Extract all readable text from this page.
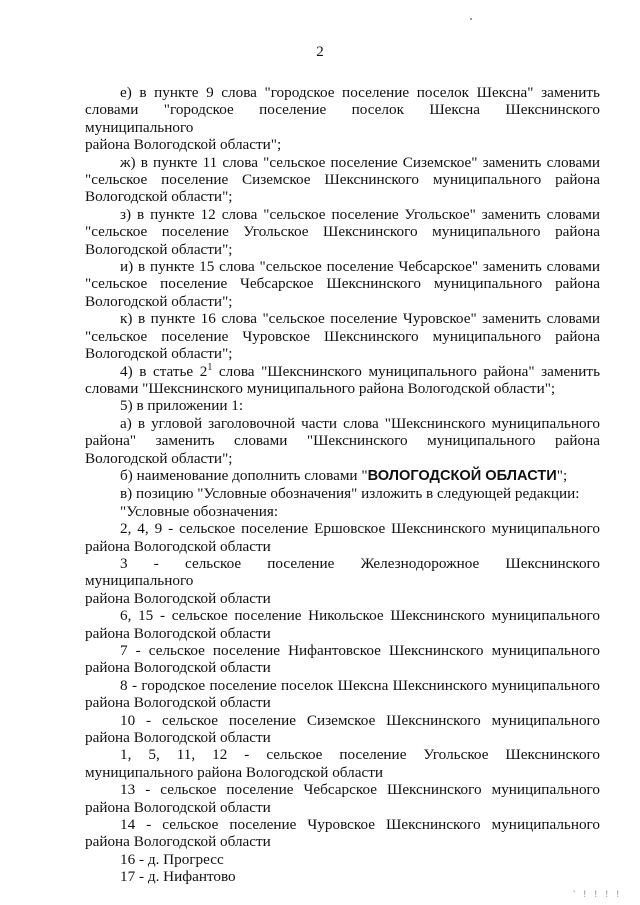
2

е) в пункте 9 слова "городское поселение поселок Шексна" заменить

словами "городское поселение поселок Шексна Шекснинского муниципального

района Вологодской области";

ж) в пункте 11 слова "сельское поселение Сиземское" заменить словами

"сельское поселение Сиземское Шекснинского муниципального района

Вологодской области";

з) в пункте 12 слова "сельское поселение Угольское" заменить словами

"сельское поселение Угольское Шекснинского муниципального района

Вологодской области";

и) в пункте 15 слова "сельское поселение Чебсарское" заменить словами

"сельское поселение Чебсарское Шекснинского муниципального района

Вологодской области";

к) в пункте 16 слова "сельское поселение Чуровское" заменить словами

"сельское поселение Чуровское Шекснинского муниципального района

Вологодской области";

4) в статье $2^1$ слова "Шекснинского муниципального района" заменить

словами "Шекснинского муниципального района Вологодской области";

5) в приложении 1:

а) в угловой заголовочной части слова "Шекснинского муниципального

района" заменить словами "Шекснинского муниципального района

Вологодской области";

б) наименование дополнить словами "ВОЛОГОДСКОЙ ОБЛАСТИ";

в) позицию "Условные обозначения" изложить в следующей редакции:

"Условные обозначения:

2, 4, 9 - сельское поселение Ершовское Шекснинского муниципального

района Вологодской области

3 - сельское поселение Железнодорожное Шекснинского муниципального

района Вологодской области

6, 15 - сельское поселение Никольское Шекснинского муниципального

района Вологодской области

7 - сельское поселение Нифантовское Шекснинского муниципального

района Вологодской области

8 - городское поселение поселок Шексна Шекснинского муниципального

района Вологодской области

10 - сельское поселение Сиземское Шекснинского муниципального

района Вологодской области

1, 5, 11, 12 - сельское поселение Угольское Шекснинского

муниципального района Вологодской области

13 - сельское поселение Чебсарское Шекснинского муниципального

района Вологодской области

14 - сельское поселение Чуровское Шекснинского муниципального

района Вологодской области

16 - д. Прогресс

17 - д. Нифантово

' ! ! ! !
